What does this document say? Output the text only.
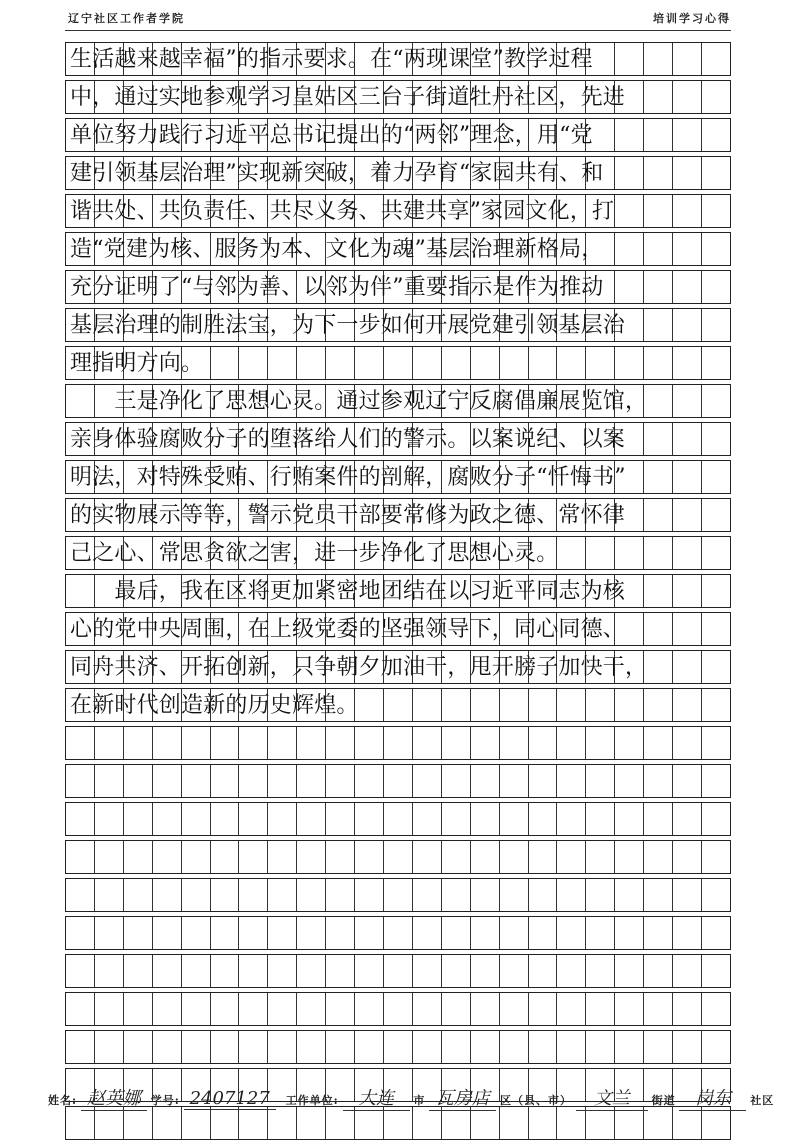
辽宁社区工作者学院	培训学习心得
生活越来越幸福”的指示要求。在“两现课堂”教学过程
中，通过实地参观学习皇姑区三台子街道牡丹社区，先进
单位努力践行习近平总书记提出的“两邻”理念，用“党
建引领基层治理”实现新突破，着力孕育“家园共有、和
谐共处、共负责任、共尽义务、共建共享”家园文化，打
造“党建为核、服务为本、文化为魂”基层治理新格局，
充分证明了“与邻为善、以邻为伴”重要指示是作为推动
基层治理的制胜法宝，为下一步如何开展党建引领基层治
理指明方向。
　　三是净化了思想心灵。通过参观辽宁反腐倡廉展览馆，
亲身体验腐败分子的堕落给人们的警示。以案说纪、以案
明法，对特殊受贿、行贿案件的剖解，腐败分子“忏悔书”
的实物展示等等，警示党员干部要常修为政之德、常怀律
己之心、常思贪欲之害，进一步净化了思想心灵。
　　最后，我在区将更加紧密地团结在以习近平同志为核
心的党中央周围，在上级党委的坚强领导下，同心同德、
同舟共济、开拓创新，只争朝夕加油干，甩开膀子加快干，
在新时代创造新的历史辉煌。
姓名: 赵英娜 学号: 2407127 工作单位: 大连 市 瓦房店 区（县、市） 文兰 街道 岗东 社区
